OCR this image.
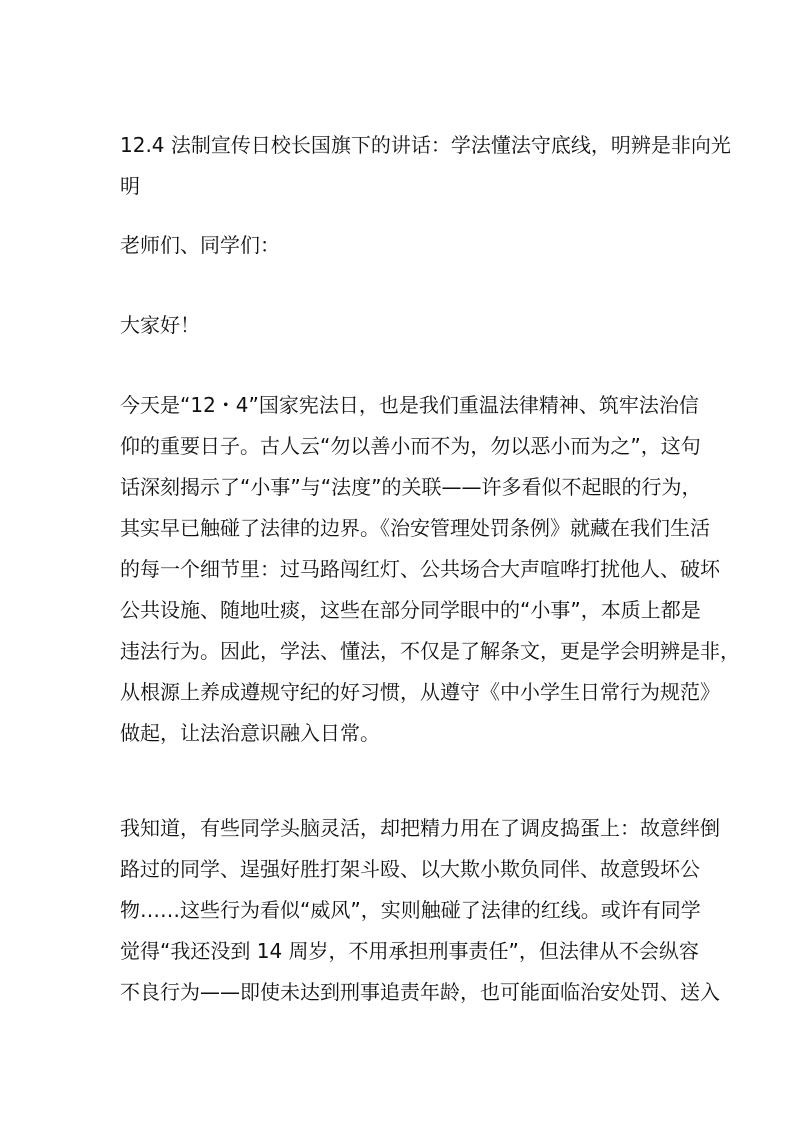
12.4 法制宣传日校长国旗下的讲话：学法懂法守底线，明辨是非向光
明
老师们、同学们：
大家好！
今天是“12・4”国家宪法日，也是我们重温法律精神、筑牢法治信
仰的重要日子。古人云“勿以善小而不为，勿以恶小而为之”，这句
话深刻揭示了“小事”与“法度”的关联——许多看似不起眼的行为，
其实早已触碰了法律的边界。《治安管理处罚条例》就藏在我们生活
的每一个细节里：过马路闯红灯、公共场合大声喧哗打扰他人、破坏
公共设施、随地吐痰，这些在部分同学眼中的“小事”，本质上都是
违法行为。因此，学法、懂法，不仅是了解条文，更是学会明辨是非，
从根源上养成遵规守纪的好习惯，从遵守《中小学生日常行为规范》
做起，让法治意识融入日常。
我知道，有些同学头脑灵活，却把精力用在了调皮捣蛋上：故意绊倒
路过的同学、逞强好胜打架斗殴、以大欺小欺负同伴、故意毁坏公
物……这些行为看似“威风”，实则触碰了法律的红线。或许有同学
觉得“我还没到 14 周岁，不用承担刑事责任”，但法律从不会纵容
不良行为——即使未达到刑事追责年龄，也可能面临治安处罚、送入
